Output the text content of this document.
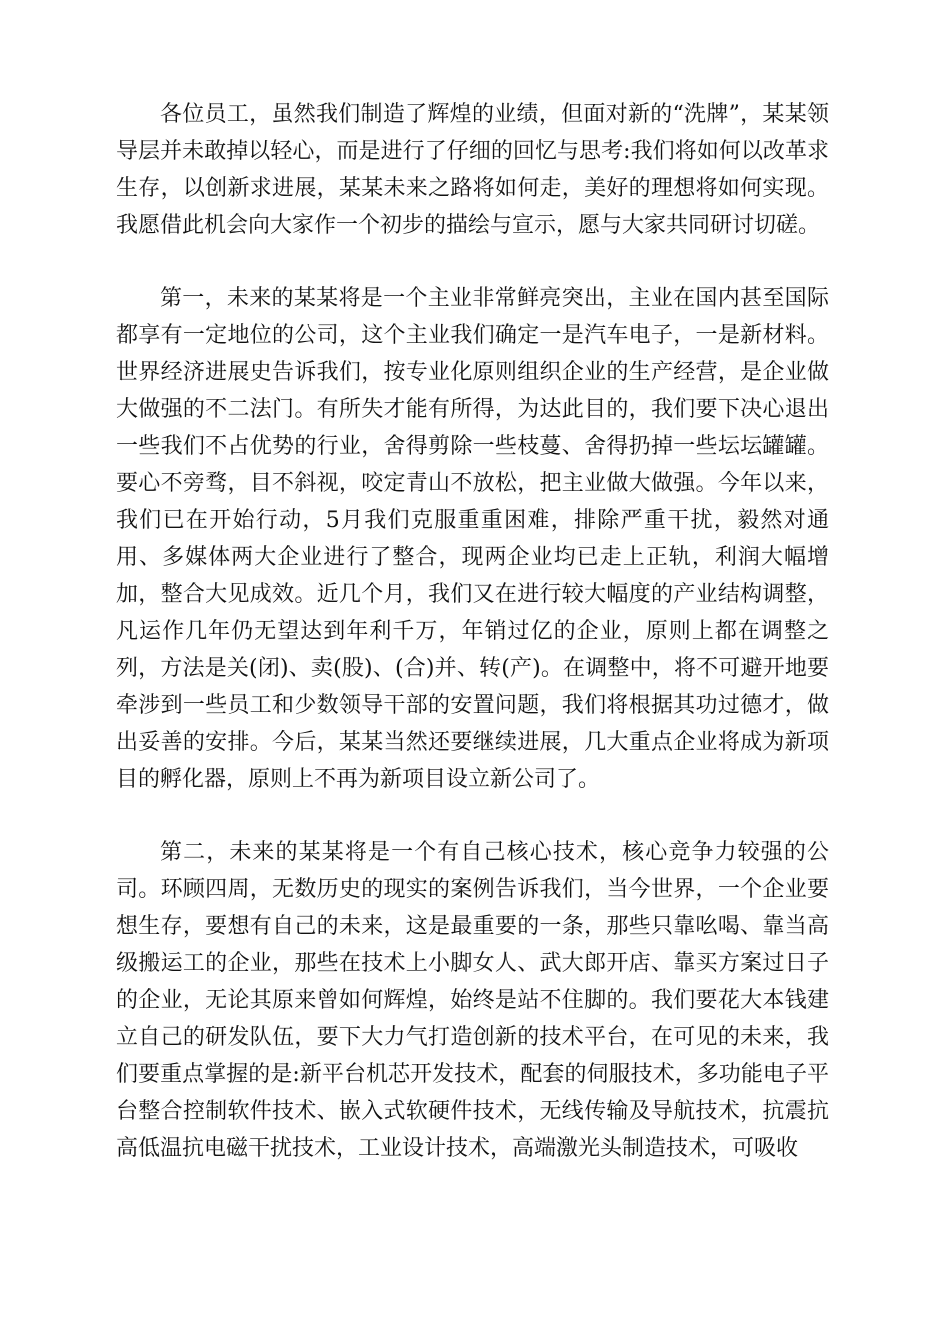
各位员工，虽然我们制造了辉煌的业绩，但面对新的“洗牌”，某某领导层并未敢掉以轻心，而是进行了仔细的回忆与思考:我们将如何以改革求生存，以创新求进展，某某未来之路将如何走，美好的理想将如何实现。我愿借此机会向大家作一个初步的描绘与宣示，愿与大家共同研讨切磋。

第一，未来的某某将是一个主业非常鲜亮突出，主业在国内甚至国际都享有一定地位的公司，这个主业我们确定一是汽车电子，一是新材料。世界经济进展史告诉我们，按专业化原则组织企业的生产经营，是企业做大做强的不二法门。有所失才能有所得，为达此目的，我们要下决心退出一些我们不占优势的行业，舍得剪除一些枝蔓、舍得扔掉一些坛坛罐罐。要心不旁骛，目不斜视，咬定青山不放松，把主业做大做强。今年以来，我们已在开始行动，5月我们克服重重困难，排除严重干扰，毅然对通用、多媒体两大企业进行了整合，现两企业均已走上正轨，利润大幅增加，整合大见成效。近几个月，我们又在进行较大幅度的产业结构调整，凡运作几年仍无望达到年利千万，年销过亿的企业，原则上都在调整之列，方法是关(闭)、卖(股)、(合)并、转(产)。在调整中，将不可避开地要牵涉到一些员工和少数领导干部的安置问题，我们将根据其功过德才，做出妥善的安排。今后，某某当然还要继续进展，几大重点企业将成为新项目的孵化器，原则上不再为新项目设立新公司了。

第二，未来的某某将是一个有自己核心技术，核心竞争力较强的公司。环顾四周，无数历史的现实的案例告诉我们，当今世界，一个企业要想生存，要想有自己的未来，这是最重要的一条，那些只靠吆喝、靠当高级搬运工的企业，那些在技术上小脚女人、武大郎开店、靠买方案过日子的企业，无论其原来曾如何辉煌，始终是站不住脚的。我们要花大本钱建立自己的研发队伍，要下大力气打造创新的技术平台，在可见的未来，我们要重点掌握的是:新平台机芯开发技术，配套的伺服技术，多功能电子平台整合控制软件技术、嵌入式软硬件技术，无线传输及导航技术，抗震抗高低温抗电磁干扰技术，工业设计技术，高端激光头制造技术，可吸收
